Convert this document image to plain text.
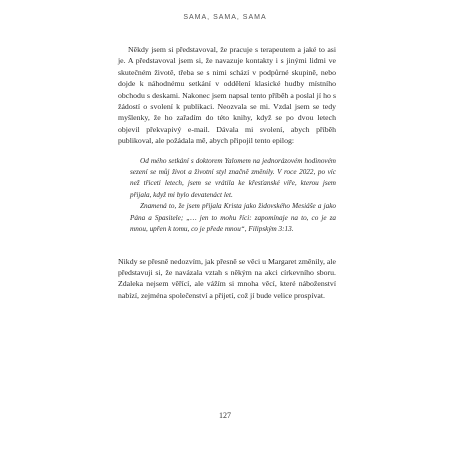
SAMA, SAMA, SAMA

Někdy jsem si představoval, že pracuje s terapeutem a jaké to asi je. A představoval jsem si, že navazuje kontakty i s jinými lidmi ve skutečném životě, třeba se s nimi schází v podpůrné skupině, nebo dojde k náhodnému setkání v oddělení klasické hudby místního obchodu s deskami. Nakonec jsem napsal tento příběh a poslal jí ho s žádostí o svolení k publikaci. Neozvala se mi. Vzdal jsem se tedy myšlenky, že ho zařadím do této knihy, když se po dvou letech objevil překvapivý e-mail. Dávala mi svolení, abych příběh publikoval, ale požádala mě, abych připojil tento epilog:

Od mého setkání s doktorem Yalomem na jednorázovém hodinovém sezení se můj život a životní styl značně změnily. V roce 2022, po víc než třiceti letech, jsem se vrátila ke křesťanské víře, kterou jsem přijala, když mi bylo devatenáct let.

Znamená to, že jsem přijala Krista jako židovského Mesiáše a jako Pána a Spasitele; „… jen to mohu říci: zapomínaje na to, co je za mnou, upřen k tomu, co je přede mnou“, Filipským 3:13.

Nikdy se přesně nedozvím, jak přesně se věci u Margaret změnily, ale představuji si, že navázala vztah s někým na akci církevního sboru. Zdaleka nejsem věřící, ale vážím si mnoha věcí, které náboženství nabízí, zejména společenství a přijetí, což jí bude velice prospívat.

127
